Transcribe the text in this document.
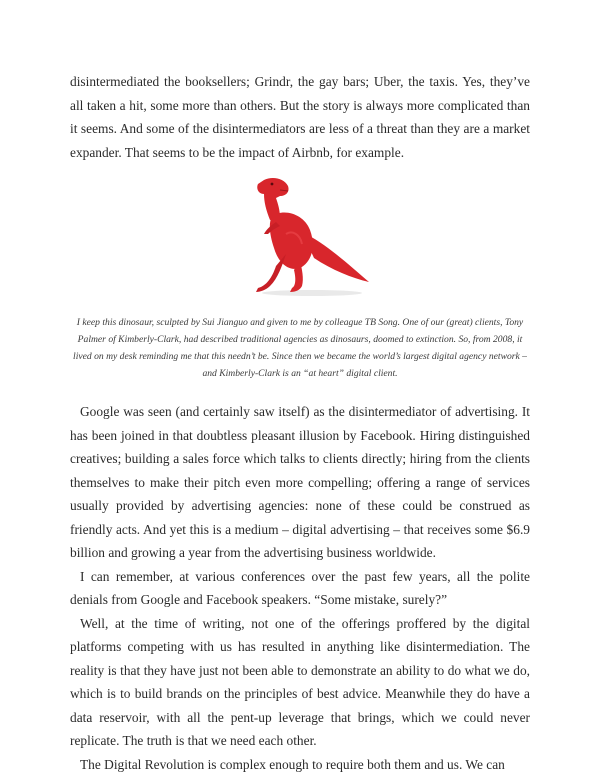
disintermediated the booksellers; Grindr, the gay bars; Uber, the taxis. Yes, they’ve all taken a hit, some more than others. But the story is always more complicated than it seems. And some of the disintermediators are less of a threat than they are a market expander. That seems to be the impact of Airbnb, for example.

I keep this dinosaur, sculpted by Sui Jianguo and given to me by colleague TB Song. One of our (great) clients, Tony Palmer of Kimberly-Clark, had described traditional agencies as dinosaurs, doomed to extinction. So, from 2008, it lived on my desk reminding me that this needn’t be. Since then we became the world’s largest digital agency network – and Kimberly-Clark is an “at heart” digital client.

Google was seen (and certainly saw itself) as the disintermediator of advertising. It has been joined in that doubtless pleasant illusion by Facebook. Hiring distinguished creatives; building a sales force which talks to clients directly; hiring from the clients themselves to make their pitch even more compelling; offering a range of services usually provided by advertising agencies: none of these could be construed as friendly acts. And yet this is a medium – digital advertising – that receives some $6.9 billion and growing a year from the advertising business worldwide.

I can remember, at various conferences over the past few years, all the polite denials from Google and Facebook speakers. “Some mistake, surely?”

Well, at the time of writing, not one of the offerings proffered by the digital platforms competing with us has resulted in anything like disintermediation. The reality is that they have just not been able to demonstrate an ability to do what we do, which is to build brands on the principles of best advice. Meanwhile they do have a data reservoir, with all the pent-up leverage that brings, which we could never replicate. The truth is that we need each other.

The Digital Revolution is complex enough to require both them and us. We can
